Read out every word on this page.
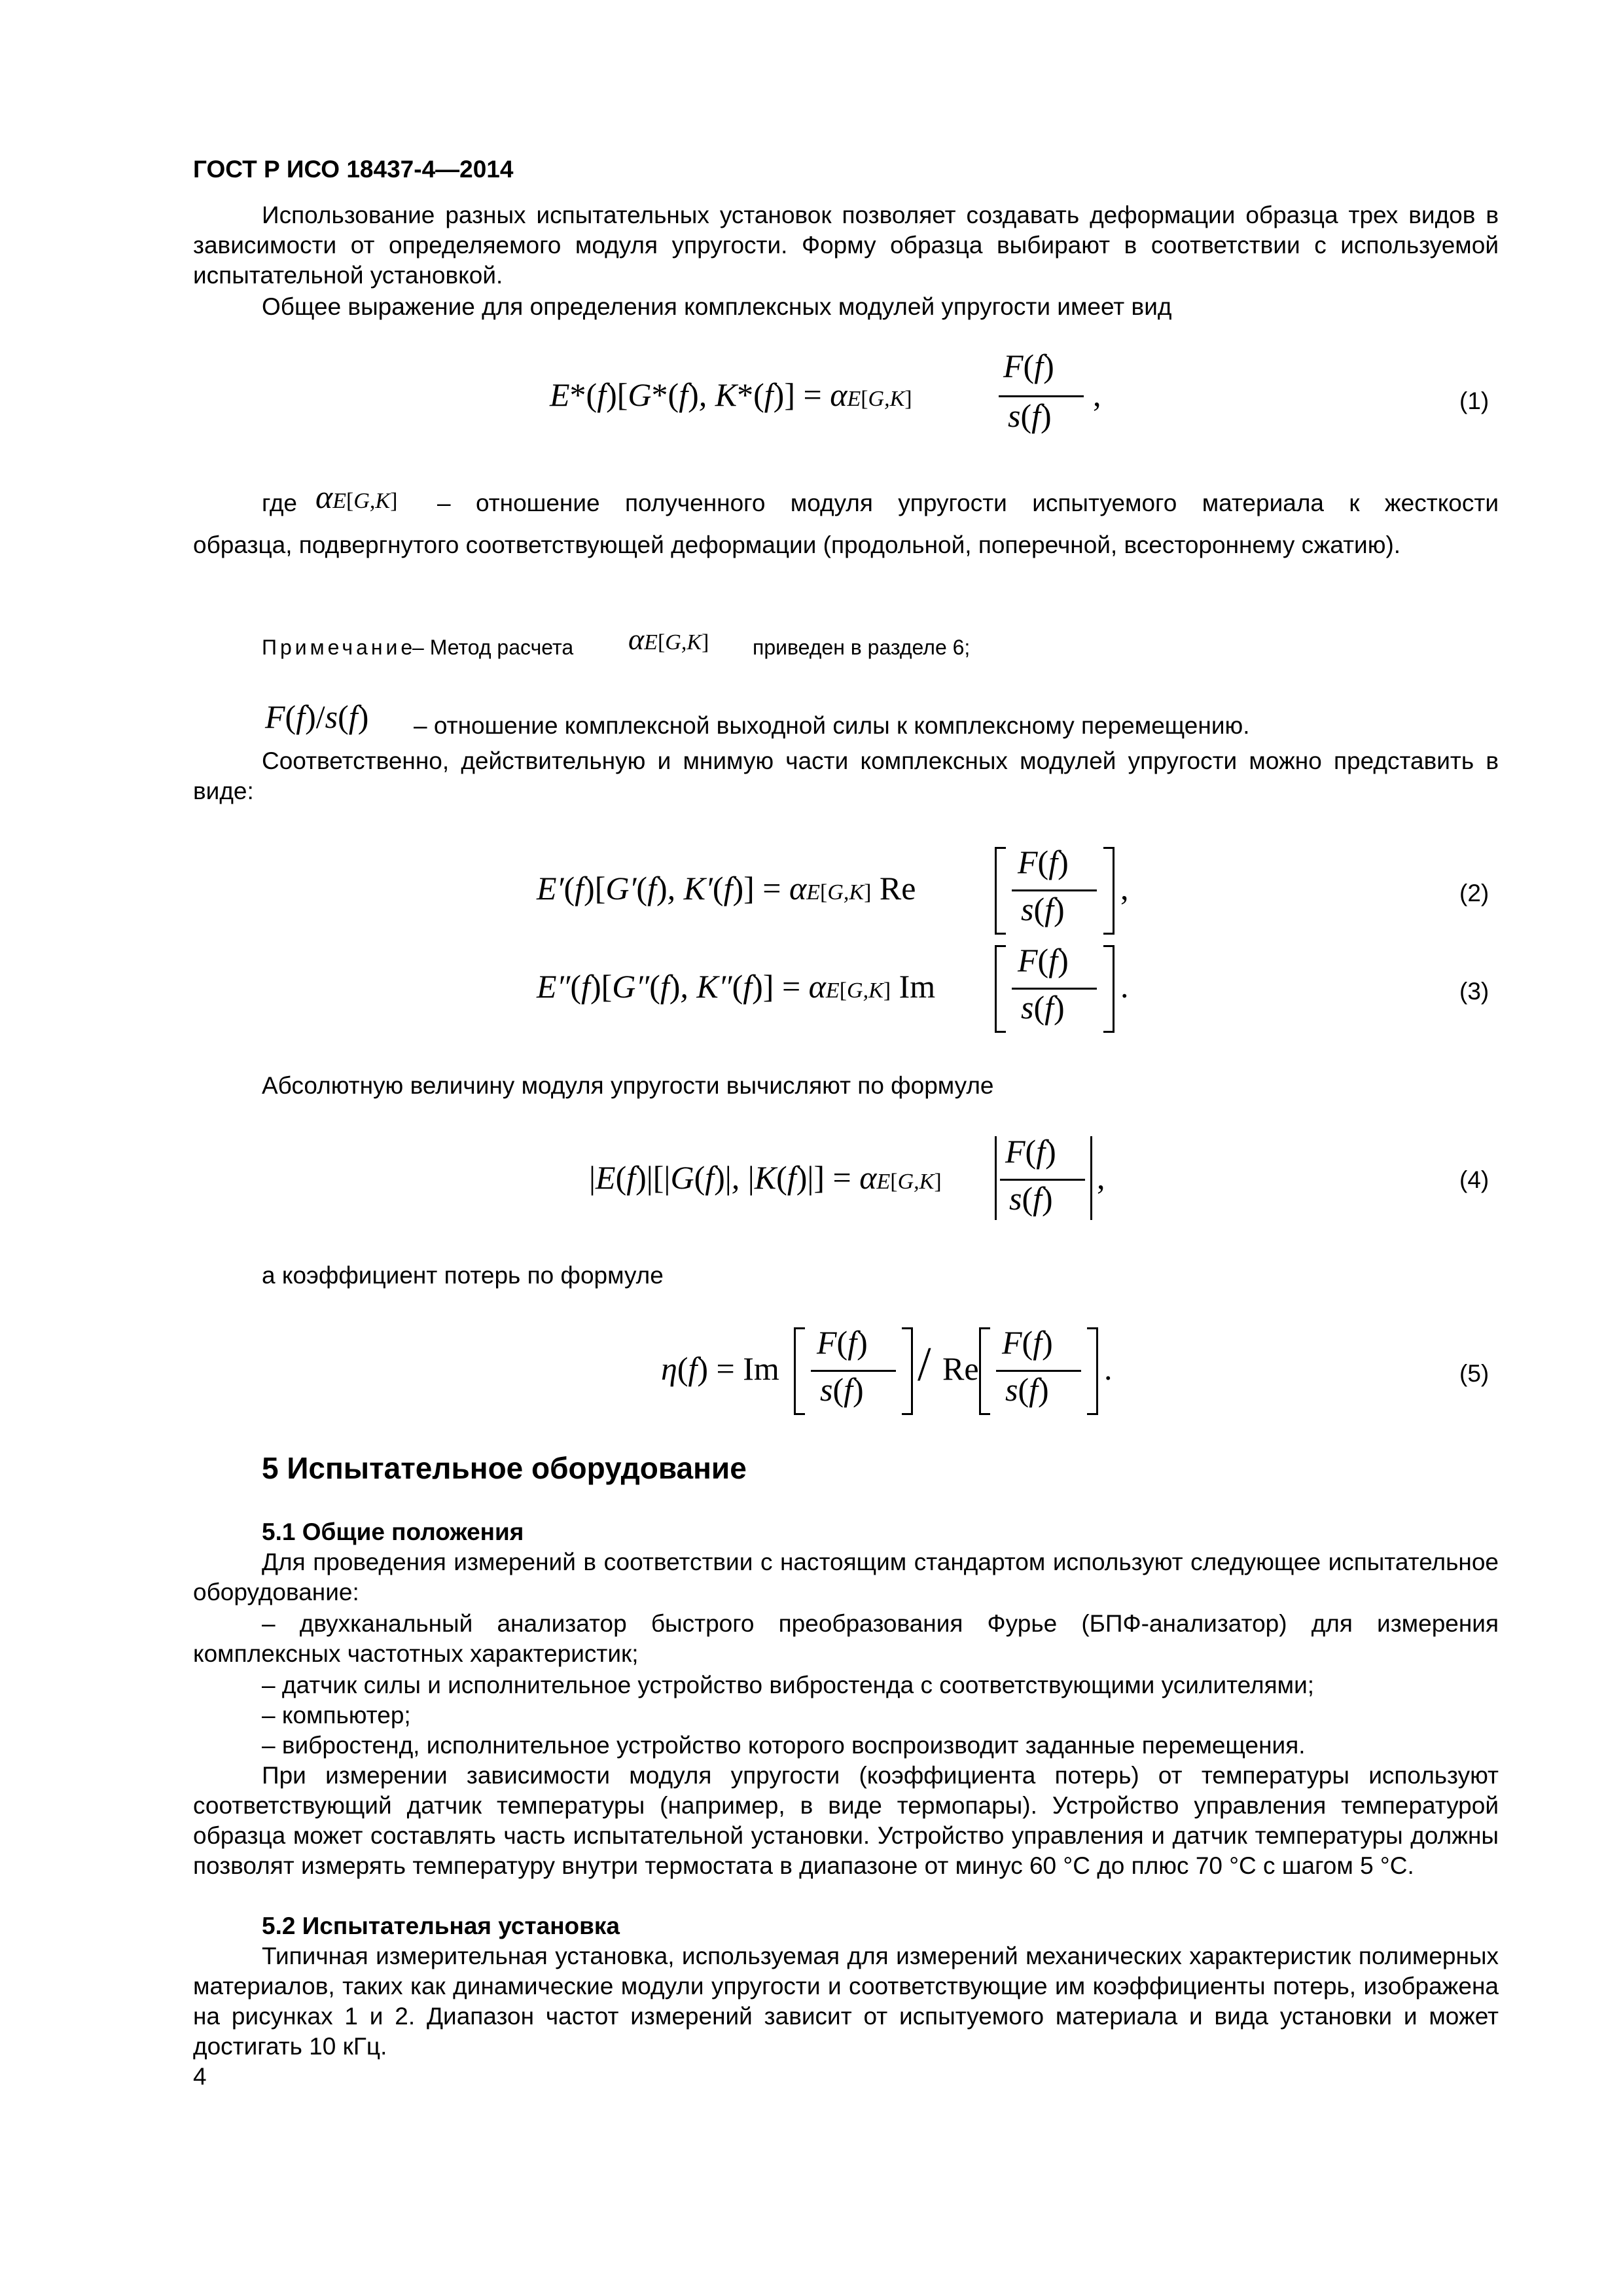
ГОСТ Р ИСО 18437-4—2014

Использование разных испытательных установок позволяет создавать деформации образца трех видов в зависимости от определяемого модуля упругости. Форму образца выбирают в соответствии с используемой испытательной установкой.

Общее выражение для определения комплексных модулей упругости имеет вид

E*(f)[G*(f), K*(f)] = αE[G,K]
F(f)
s(f)
,	(1)
где αE[G,K] – отношение полученного модуля упругости испытуемого материала к жесткости

образца, подвергнутого соответствующей деформации (продольной, поперечной, всестороннему сжатию).

Примечание
– Метод расчета αE[G,K] приведен в разделе 6;
F(f)/s(f) – отношение комплексной выходной силы к комплексному перемещению.

Соответственно, действительную и мнимую части комплексных модулей упругости можно представить в виде:

E′(f)[G′(f), K′(f)] = αE[G,K] Re
F(f)
s(f)
,	(2)
E″(f)[G″(f), K″(f)] = αE[G,K] Im
F(f)
s(f)
.	(3)

Абсолютную величину модуля упругости вычисляют по формуле

|E(f)|[|G(f)|, |K(f)|] = αE[G,K]
F(f)
s(f)
,	(4)

а коэффициент потерь по формуле

η(f) = Im
F(f)
s(f) / Re
F(f)
s(f)
.	(5)
5 Испытательное оборудование
5.1 Общие положения

Для проведения измерений в соответствии с настоящим стандартом используют следующее испытательное оборудование:

– двухканальный анализатор быстрого преобразования Фурье (БПФ-анализатор) для измерения комплексных частотных характеристик;

– датчик силы и исполнительное устройство вибростенда с соответствующими усилителями;

– компьютер;

– вибростенд, исполнительное устройство которого воспроизводит заданные перемещения.

При измерении зависимости модуля упругости (коэффициента потерь) от температуры используют соответствующий датчик температуры (например, в виде термопары). Устройство управления температурой образца может составлять часть испытательной установки. Устройство управления и датчик температуры должны позволят измерять температуру внутри термостата в диапазоне от минус 60 °С до плюс 70 °С с шагом 5 °С.

5.2 Испытательная установка

Типичная измерительная установка, используемая для измерений механических характеристик полимерных материалов, таких как динамические модули упругости и соответствующие им коэффициенты потерь, изображена на рисунках 1 и 2. Диапазон частот измерений зависит от испытуемого материала и вида установки и может достигать 10 кГц.

4
